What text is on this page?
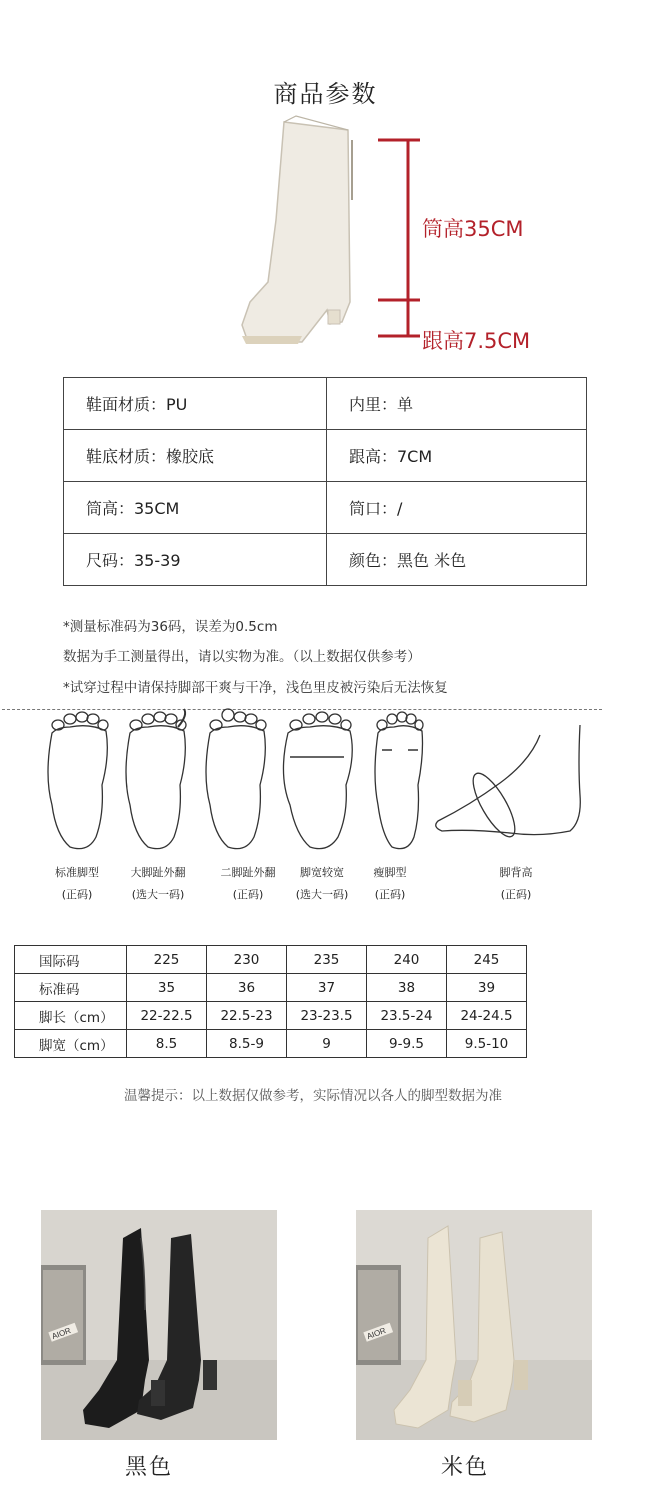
商品参数
筒高35CM
跟高7.5CM
鞋面材质：PU	内里：单
鞋底材质：橡胶底	跟高：7CM
筒高：35CM	筒口：/
尺码：35-39	颜色：黑色 米色
*测量标准码为36码，误差为0.5cm
数据为手工测量得出，请以实物为准。（以上数据仅供参考）
*试穿过程中请保持脚部干爽与干净，浅色里皮被污染后无法恢复
标准脚型
(正码)
大脚趾外翻
(选大一码)
二脚趾外翻
(正码)
脚宽较宽
(选大一码)
瘦脚型
(正码)
脚背高
(正码)
国际码	225	230	235	240	245
标准码	35	36	37	38	39
脚长（cm）	22-22.5	22.5-23	23-23.5	23.5-24	24-24.5
脚宽（cm）	8.5	8.5-9	9	9-9.5	9.5-10
温馨提示：以上数据仅做参考，实际情况以各人的脚型数据为准
AIOR	AIOR
黑色	米色
